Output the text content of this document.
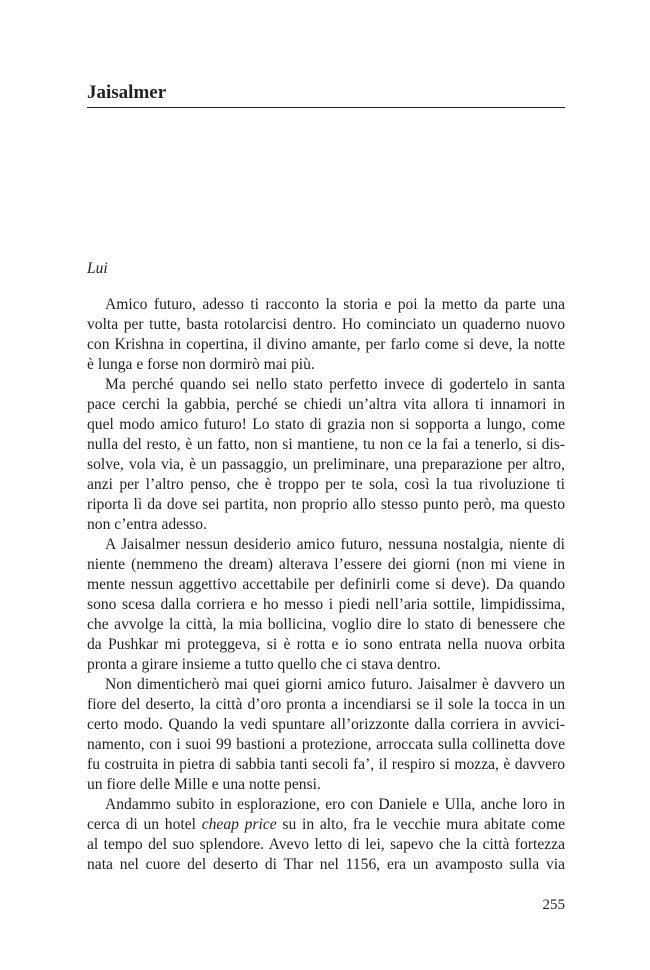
Jaisalmer
Lui
Amico futuro, adesso ti racconto la storia e poi la metto da parte una
volta per tutte, basta rotolarcisi dentro. Ho cominciato un quaderno nuovo
con Krishna in copertina, il divino amante, per farlo come si deve, la notte
è lunga e forse non dormirò mai più.
Ma perché quando sei nello stato perfetto invece di godertelo in santa
pace cerchi la gabbia, perché se chiedi un’altra vita allora ti innamori in
quel modo amico futuro! Lo stato di grazia non si sopporta a lungo, come
nulla del resto, è un fatto, non si mantiene, tu non ce la fai a tenerlo, si dis-
solve, vola via, è un passaggio, un preliminare, una preparazione per altro,
anzi per l’altro penso, che è troppo per te sola, così la tua rivoluzione ti
riporta lì da dove sei partita, non proprio allo stesso punto però, ma questo
non c’entra adesso.
A Jaisalmer nessun desiderio amico futuro, nessuna nostalgia, niente di
niente (nemmeno the dream) alterava l’essere dei giorni (non mi viene in
mente nessun aggettivo accettabile per definirli come si deve). Da quando
sono scesa dalla corriera e ho messo i piedi nell’aria sottile, limpidissima,
che avvolge la città, la mia bollicina, voglio dire lo stato di benessere che
da Pushkar mi proteggeva, si è rotta e io sono entrata nella nuova orbita
pronta a girare insieme a tutto quello che ci stava dentro.
Non dimenticherò mai quei giorni amico futuro. Jaisalmer è davvero un
fiore del deserto, la città d’oro pronta a incendiarsi se il sole la tocca in un
certo modo. Quando la vedi spuntare all’orizzonte dalla corriera in avvici-
namento, con i suoi 99 bastioni a protezione, arroccata sulla collinetta dove
fu costruita in pietra di sabbia tanti secoli fa’, il respiro si mozza, è davvero
un fiore delle Mille e una notte pensi.
Andammo subito in esplorazione, ero con Daniele e Ulla, anche loro in
cerca di un hotel cheap price su in alto, fra le vecchie mura abitate come
al tempo del suo splendore. Avevo letto di lei, sapevo che la città fortezza
nata nel cuore del deserto di Thar nel 1156, era un avamposto sulla via
255
